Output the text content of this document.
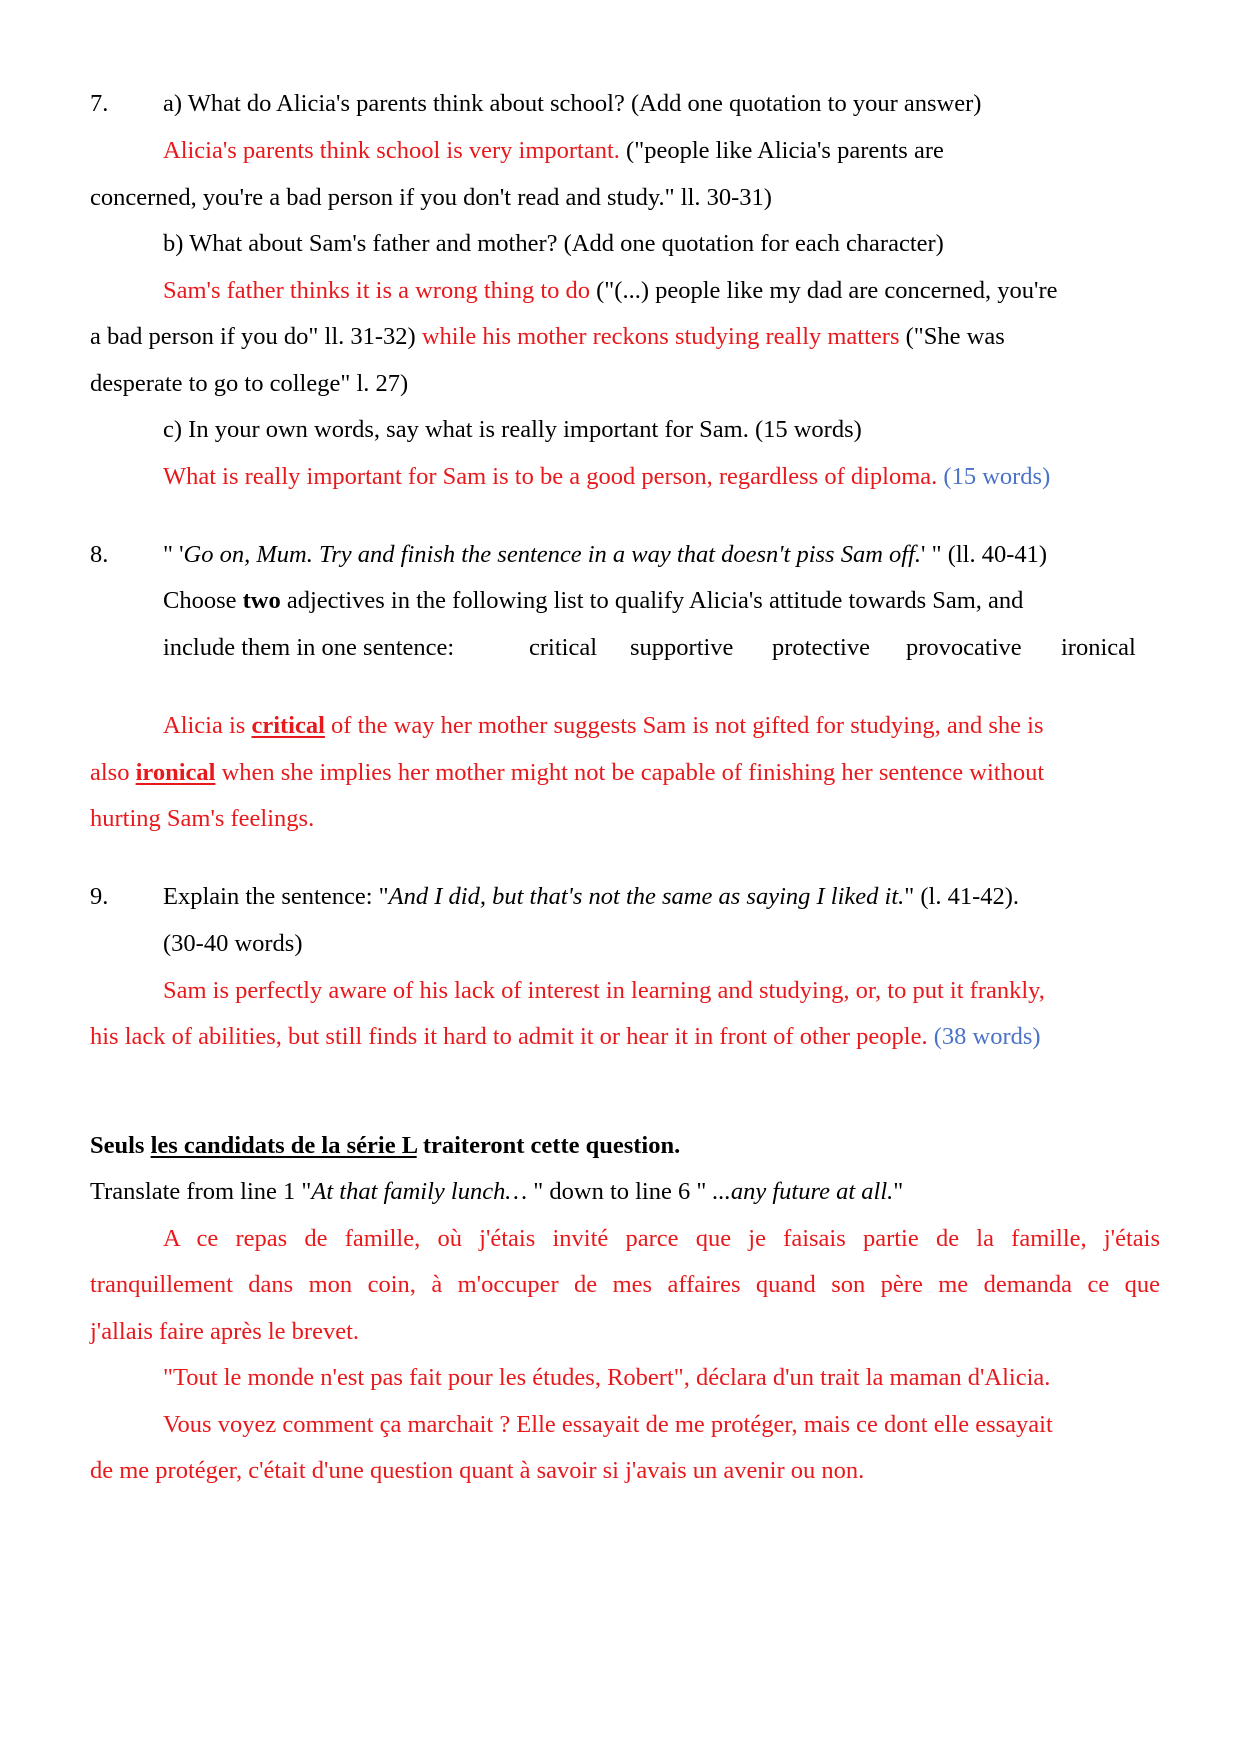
7. a) What do Alicia's parents think about school? (Add one quotation to your answer)
Alicia's parents think school is very important. ("people like Alicia's parents are
concerned, you're a bad person if you don't read and study." ll. 30-31)
b) What about Sam's father and mother? (Add one quotation for each character)
Sam's father thinks it is a wrong thing to do ("(...) people like my dad are concerned, you're
a bad person if you do" ll. 31-32) while his mother reckons studying really matters ("She was
desperate to go to college" l. 27)
c) In your own words, say what is really important for Sam. (15 words)
What is really important for Sam is to be a good person, regardless of diploma. (15 words)
8. " 'Go on, Mum. Try and finish the sentence in a way that doesn't piss Sam off.' " (ll. 40-41)
Choose two adjectives in the following list to qualify Alicia's attitude towards Sam, and
include them in one sentence:	critical supportive protective provocative ironical
Alicia is critical of the way her mother suggests Sam is not gifted for studying, and she is
also ironical when she implies her mother might not be capable of finishing her sentence without
hurting Sam's feelings.
9. Explain the sentence: "And I did, but that's not the same as saying I liked it." (l. 41-42).
(30-40 words)
Sam is perfectly aware of his lack of interest in learning and studying, or, to put it frankly,
his lack of abilities, but still finds it hard to admit it or hear it in front of other people. (38 words)
Seuls les candidats de la série L traiteront cette question.
Translate from line 1 "At that family lunch… " down to line 6 " ...any future at all."
A ce repas de famille, où j'étais invité parce que je faisais partie de la famille, j'étais
tranquillement dans mon coin, à m'occuper de mes affaires quand son père me demanda ce que
j'allais faire après le brevet.
"Tout le monde n'est pas fait pour les études, Robert", déclara d'un trait la maman d'Alicia.
Vous voyez comment ça marchait ? Elle essayait de me protéger, mais ce dont elle essayait
de me protéger, c'était d'une question quant à savoir si j'avais un avenir ou non.
